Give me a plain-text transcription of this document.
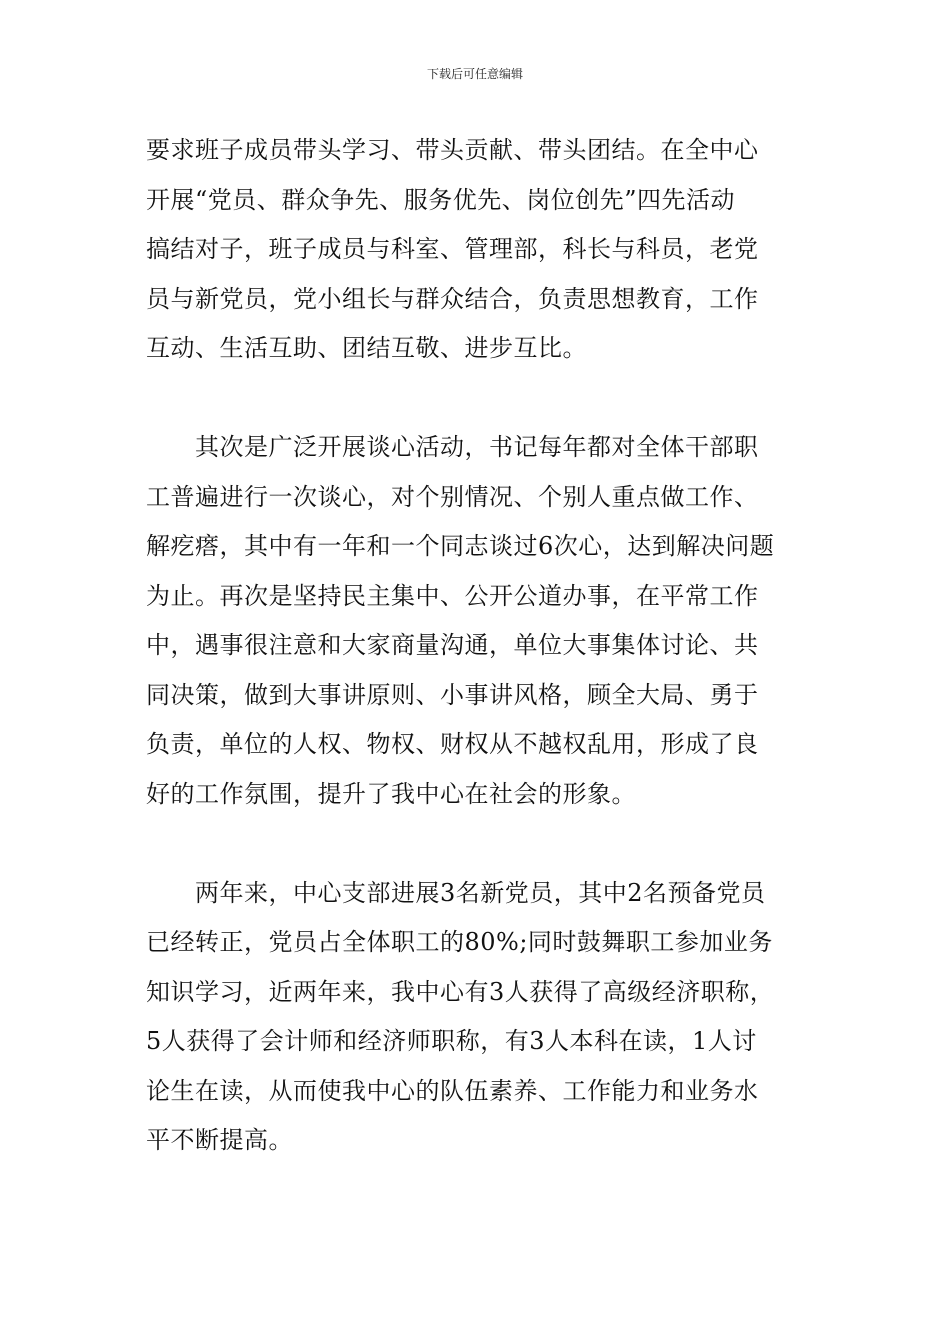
下载后可任意编辑

要求班子成员带头学习、带头贡献、带头团结。在全中心
开展“党员、群众争先、服务优先、岗位创先”四先活动
搞结对子，班子成员与科室、管理部，科长与科员，老党
员与新党员，党小组长与群众结合，负责思想教育，工作
互动、生活互助、团结互敬、进步互比。

其次是广泛开展谈心活动，书记每年都对全体干部职
工普遍进行一次谈心，对个别情况、个别人重点做工作、
解疙瘩，其中有一年和一个同志谈过6次心，达到解决问题
为止。再次是坚持民主集中、公开公道办事，在平常工作
中，遇事很注意和大家商量沟通，单位大事集体讨论、共
同决策，做到大事讲原则、小事讲风格，顾全大局、勇于
负责，单位的人权、物权、财权从不越权乱用，形成了良
好的工作氛围，提升了我中心在社会的形象。

两年来，中心支部进展3名新党员，其中2名预备党员
已经转正，党员占全体职工的80%;同时鼓舞职工参加业务
知识学习，近两年来，我中心有3人获得了高级经济职称，
5人获得了会计师和经济师职称，有3人本科在读，1人讨
论生在读，从而使我中心的队伍素养、工作能力和业务水
平不断提高。
